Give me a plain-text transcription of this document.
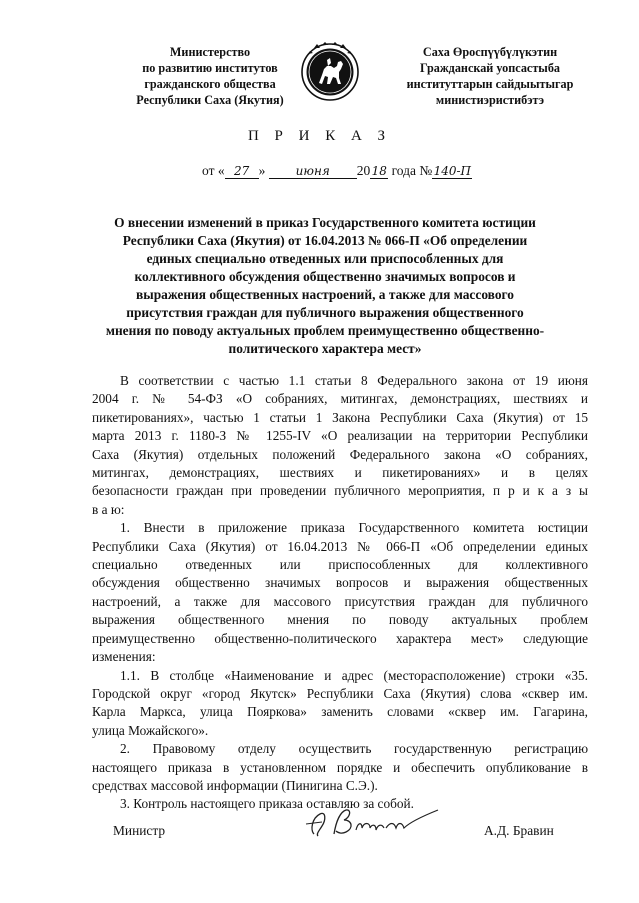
Министерство
по развитию институтов
гражданского общества
Республики Саха (Якутия)
Саха Өроспүүбүлүкэтин
Гражданскай уопсастыба
институттарын сайдыытыгар
министиэристибэтэ
П Р И К А З
от « 27 »	июня 2018 года №140-П
О внесении изменений в приказ Государственного комитета юстиции
Республики Саха (Якутия) от 16.04.2013 № 066-П «Об определении
единых специально отведенных или приспособленных для
коллективного обсуждения общественно значимых вопросов и
выражения общественных настроений, а также для массового
присутствия граждан для публичного выражения общественного
мнения по поводу актуальных проблем преимущественно общественно-
политического характера мест»
В соответствии с частью 1.1 статьи 8 Федерального закона от 19 июня
2004 г. № 54-ФЗ «О собраниях, митингах, демонстрациях, шествиях и
пикетированиях», частью 1 статьи 1 Закона Республики Саха (Якутия) от 15
марта 2013 г. 1180-З № 1255-IV «О реализации на территории Республики
Саха (Якутия) отдельных положений Федерального закона «О собраниях,
митингах, демонстрациях, шествиях и пикетированиях» и в целях
безопасности граждан при проведении публичного мероприятия, п р и к а з ы
в а ю:
1. Внести в приложение приказа Государственного комитета юстиции
Республики Саха (Якутия) от 16.04.2013 № 066-П «Об определении единых
специально отведенных или приспособленных для коллективного
обсуждения общественно значимых вопросов и выражения общественных
настроений, а также для массового присутствия граждан для публичного
выражения общественного мнения по поводу актуальных проблем
преимущественно общественно-политического характера мест» следующие
изменения:
1.1. В столбце «Наименование и адрес (месторасположение) строки «35.
Городской округ «город Якутск» Республики Саха (Якутия) слова «сквер им.
Карла Маркса, улица Пояркова» заменить словами «сквер им. Гагарина,
улица Можайского».
2. Правовому отделу осуществить государственную регистрацию
настоящего приказа в установленном порядке и обеспечить опубликование в
средствах массовой информации (Пинигина С.Э.).
3. Контроль настоящего приказа оставляю за собой.
Министр	А.Д. Бравин
